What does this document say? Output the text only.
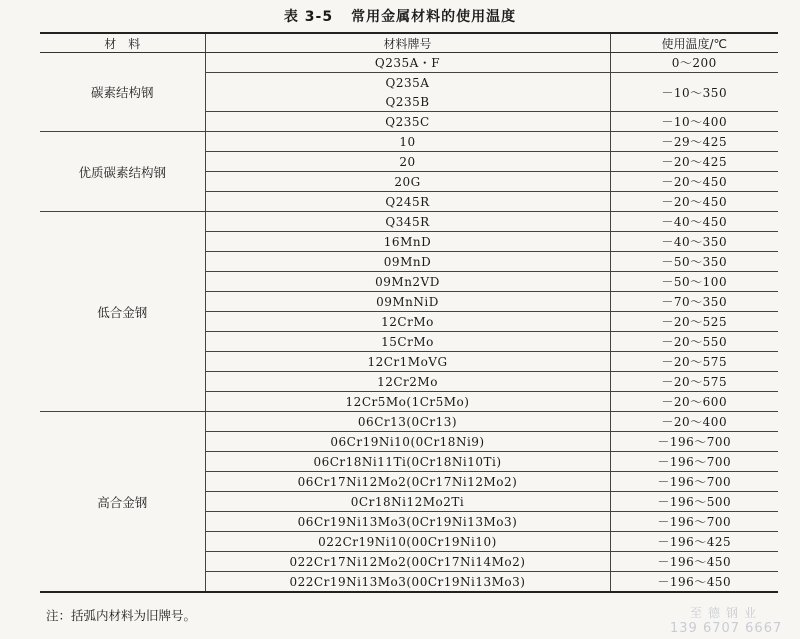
表 3-5 常用金属材料的使用温度
材　料	材料牌号	使用温度/℃
碳素结构钢	Q235A・F	0～200
	Q235A	－10～350
	Q235B	
	Q235C	－10～400
优质碳素结构钢	10	－29～425
	20	－20～425
	20G	－20～450
	Q245R	－20～450
低合金钢	Q345R	－40～450
	16MnD	－40～350
	09MnD	－50～350
	09Mn2VD	－50～100
	09MnNiD	－70～350
	12CrMo	－20～525
	15CrMo	－20～550
	12Cr1MoVG	－20～575
	12Cr2Mo	－20～575
	12Cr5Mo(1Cr5Mo)	－20～600
高合金钢	06Cr13(0Cr13)	－20～400
	06Cr19Ni10(0Cr18Ni9)	－196～700
	06Cr18Ni11Ti(0Cr18Ni10Ti)	－196～700
	06Cr17Ni12Mo2(0Cr17Ni12Mo2)	－196～700
	0Cr18Ni12Mo2Ti	－196～500
	06Cr19Ni13Mo3(0Cr19Ni13Mo3)	－196～700
	022Cr19Ni10(00Cr19Ni10)	－196～425
	022Cr17Ni12Mo2(00Cr17Ni14Mo2)	－196～450
	022Cr19Ni13Mo3(00Cr19Ni13Mo3)	－196～450
注：括弧内材料为旧牌号。	至德钢业
139 6707 6667
